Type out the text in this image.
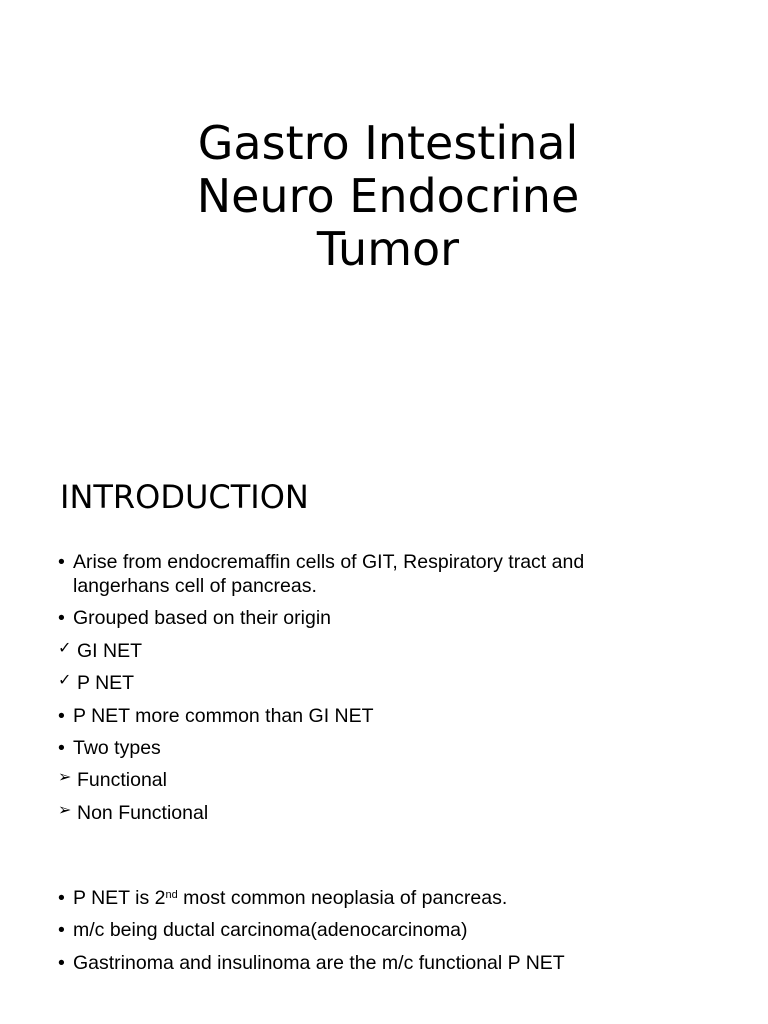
Gastro Intestinal
Neuro Endocrine
Tumor
INTRODUCTION
• Arise from endocremaffin cells of GIT, Respiratory tract and langerhans cell of pancreas.
• Grouped based on their origin
✓ GI NET
✓ P NET
• P NET more common than GI NET
• Two types
➢ Functional
➢ Non Functional
• P NET is 2nd most common neoplasia of pancreas.
• m/c being ductal carcinoma(adenocarcinoma)
• Gastrinoma and insulinoma are the m/c functional P NET
